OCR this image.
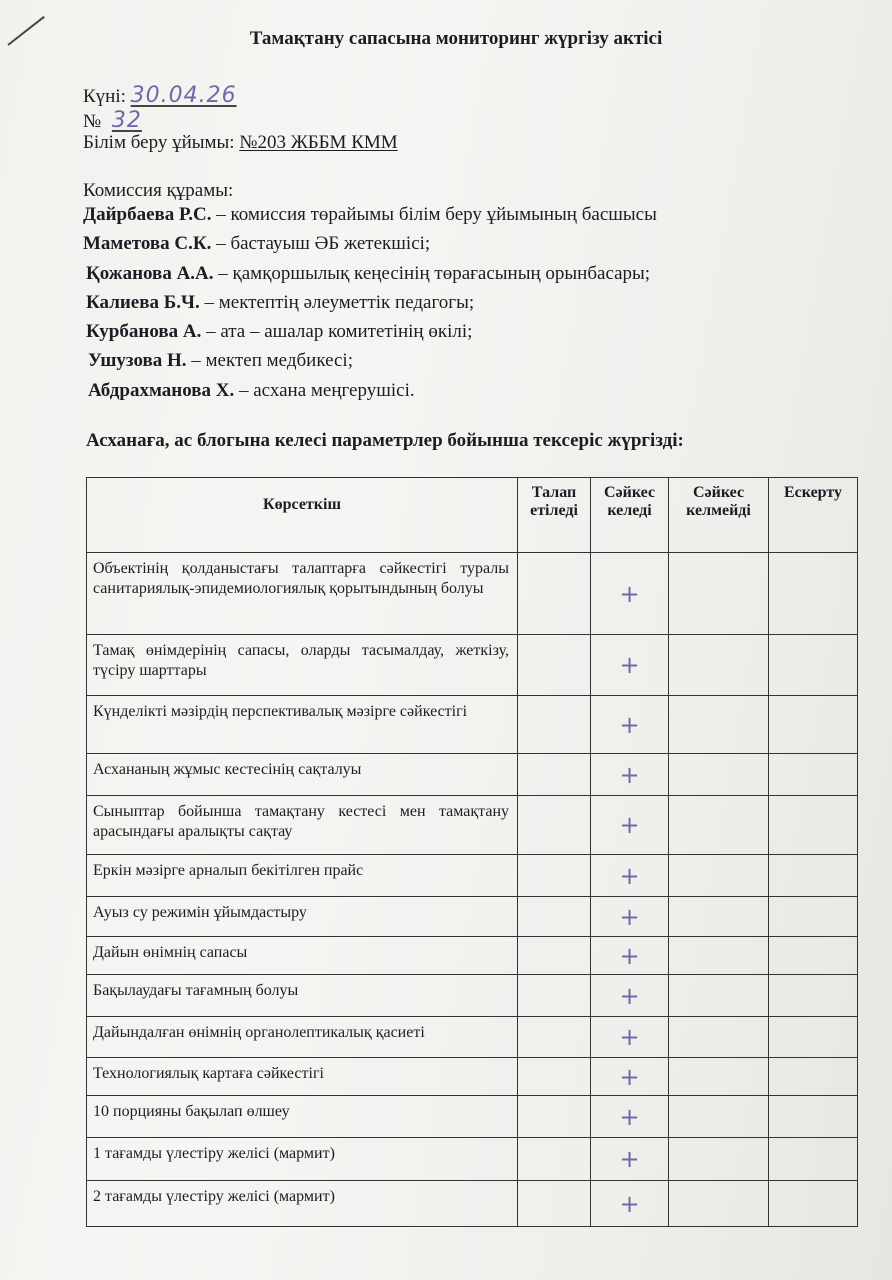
Тамақтану сапасына мониторинг жүргізу актісі
Күні: 30.04.26
№ 32
Білім беру ұйымы: №203 ЖББМ КММ
Комиссия құрамы:
Дайрбаева Р.С. – комиссия төрайымы білім беру ұйымының басшысы
Маметова С.К. – бастауыш ӘБ жетекшісі;
Қожанова А.А. – қамқоршылық кеңесінің төрағасының орынбасары;
Калиева Б.Ч. – мектептің әлеуметтік педагогы;
Курбанова А. – ата – ашалар комитетінің өкілі;
Ушузова Н. – мектеп медбикесі;
Абдрахманова Х. – асхана меңгерушісі.
Асханаға, ас блогына келесі параметрлер бойынша тексеріс жүргізді:
Көрсеткіш	Талап етіледі	Сәйкес келеді	Сәйкес келмейді	Ескерту
Объектінің қолданыстағы талаптарға сәйкестігі туралы санитариялық-эпидемиологиялық қорытындының болуы		+		
Тамақ өнімдерінің сапасы, оларды тасымалдау, жеткізу, түсіру шарттары		+		
Күнделікті мәзірдің перспективалық мәзірге сәйкестігі		+		
Асхананың жұмыс кестесінің сақталуы		+		
Сыныптар бойынша тамақтану кестесі мен тамақтану арасындағы аралықты сақтау		+		
Еркін мәзірге арналып бекітілген прайс		+		
Ауыз су режимін ұйымдастыру		+		
Дайын өнімнің сапасы		+		
Бақылаудағы тағамның болуы		+		
Дайындалған өнімнің органолептикалық қасиеті		+		
Технологиялық картаға сәйкестігі		+		
10 порцияны бақылап өлшеу		+		
1 тағамды үлестіру желісі (мармит)		+		
2 тағамды үлестіру желісі (мармит)		+		
